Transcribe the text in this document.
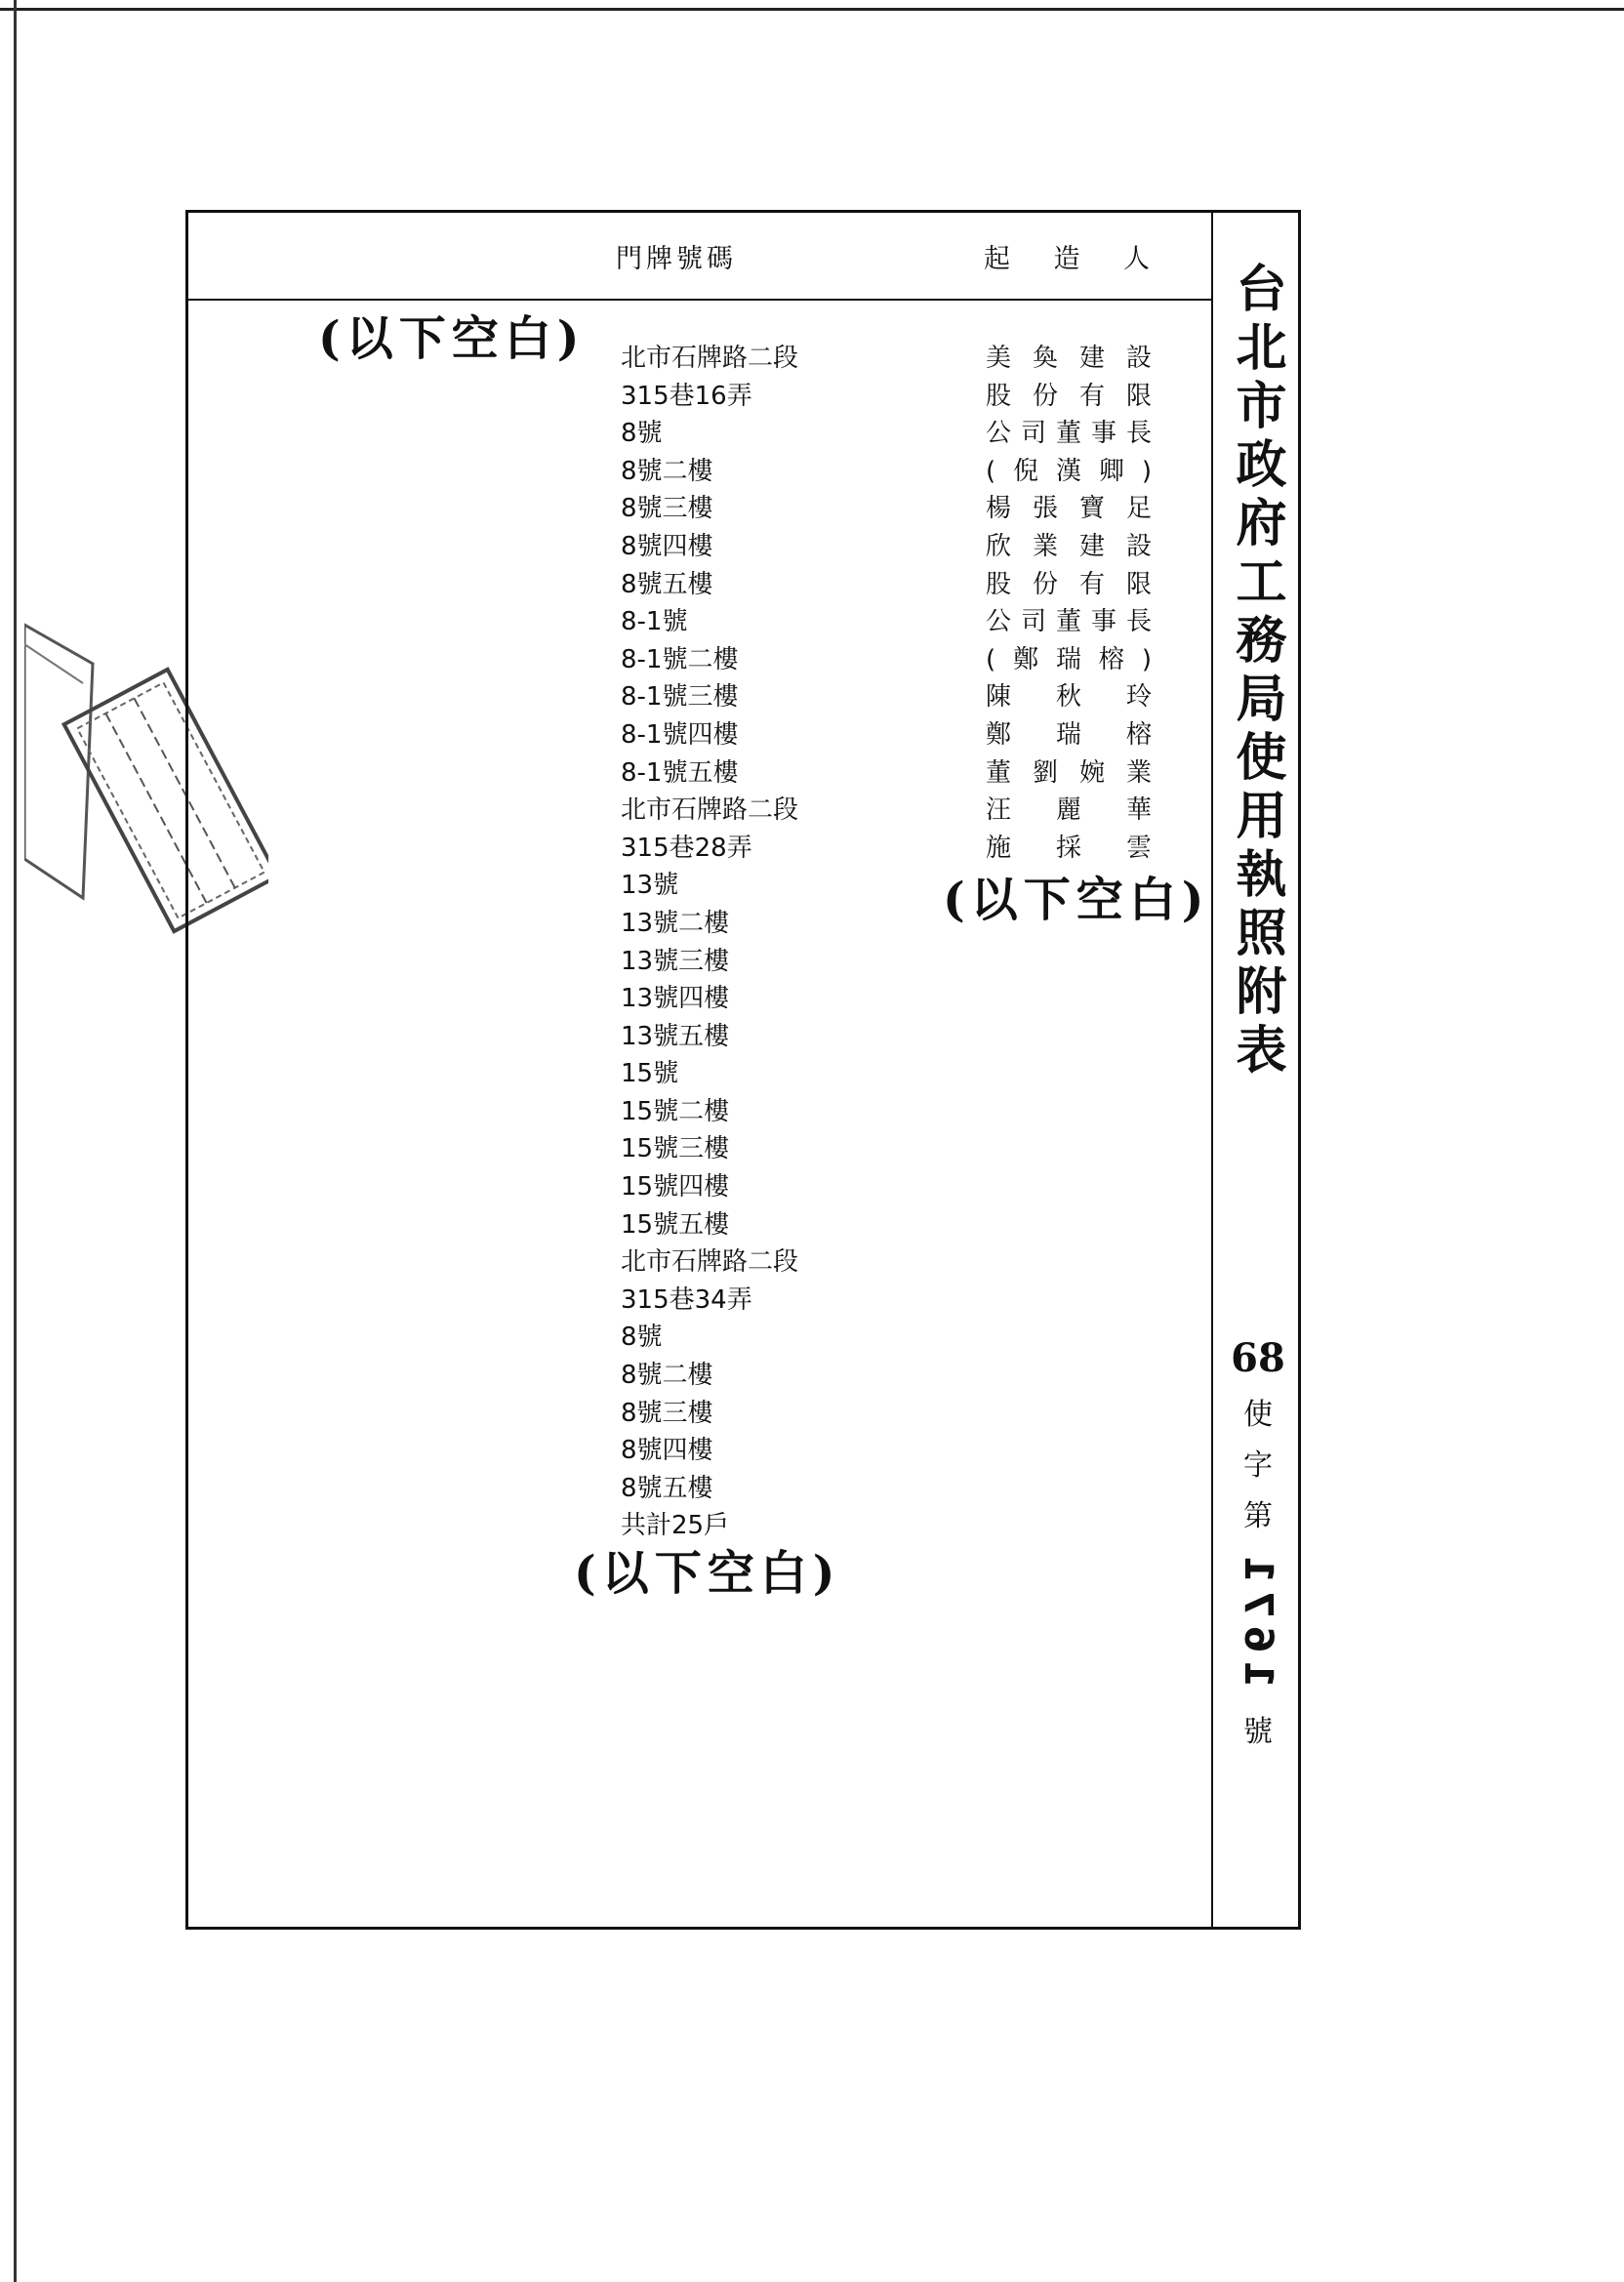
門牌號碼	起 造 人
(以下空白) 北市石牌路二段
315巷16弄
8號
8號二樓
8號三樓
8號四樓
8號五樓
8-1號
8-1號二樓
8-1號三樓
8-1號四樓
8-1號五樓
北市石牌路二段
315巷28弄
13號
13號二樓
13號三樓
13號四樓
13號五樓
15號
15號二樓
15號三樓
15號四樓
15號五樓
北市石牌路二段
315巷34弄
8號
8號二樓
8號三樓
8號四樓
8號五樓
共計25戶
美奐建設
股份有限
公司董事長
(倪漢卿)
楊張寶足
欣業建設
股份有限
公司董事長
(鄭瑞榕)
陳秋玲
鄭瑞榕
董劉婉業
汪麗華
施採雲
(以下空白)
(以下空白)
台北市政府工務局使用執照附表
68
使
字
第
1671
號
